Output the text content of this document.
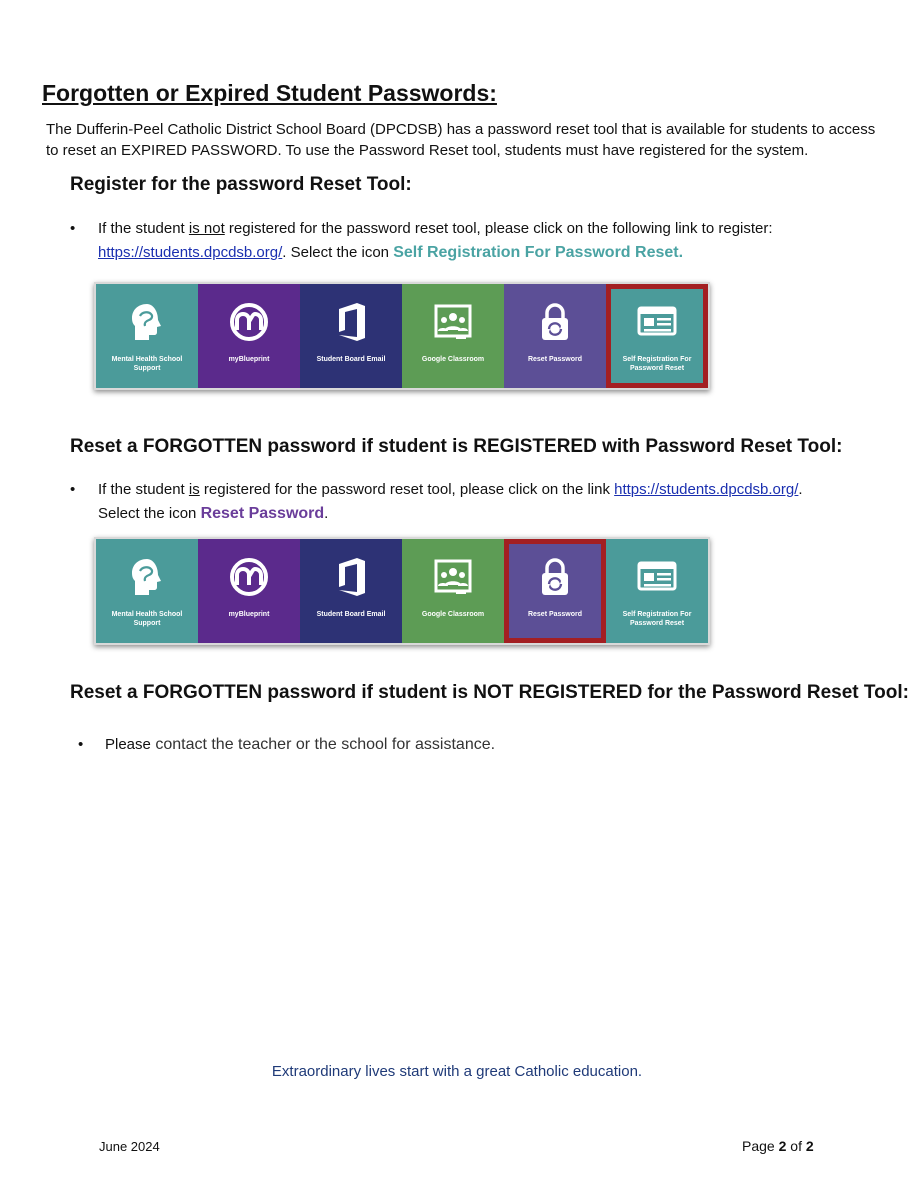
Forgotten or Expired Student Passwords:
The Dufferin-Peel Catholic District School Board (DPCDSB) has a password reset tool that is available for students to access to reset an EXPIRED PASSWORD. To use the Password Reset tool, students must have registered for the system.
Register for the password Reset Tool:
• If the student is not registered for the password reset tool, please click on the following link to register:
https://students.dpcdsb.org/. Select the icon Self Registration For Password Reset.
Mental Health School Support
myBlueprint	Student Board Email	Google Classroom	Reset Password	Self Registration For Password Reset
Reset a FORGOTTEN password if student is REGISTERED with Password Reset Tool:
• If the student is registered for the password reset tool, please click on the link https://students.dpcdsb.org/.
Select the icon Reset Password.
Mental Health School Support
myBlueprint	Student Board Email	Google Classroom	Reset Password	Self Registration For Password Reset
Reset a FORGOTTEN password if student is NOT REGISTERED for the Password Reset Tool:
• Please contact the teacher or the school for assistance.
Extraordinary lives start with a great Catholic education.
June 2024	Page 2 of 2
